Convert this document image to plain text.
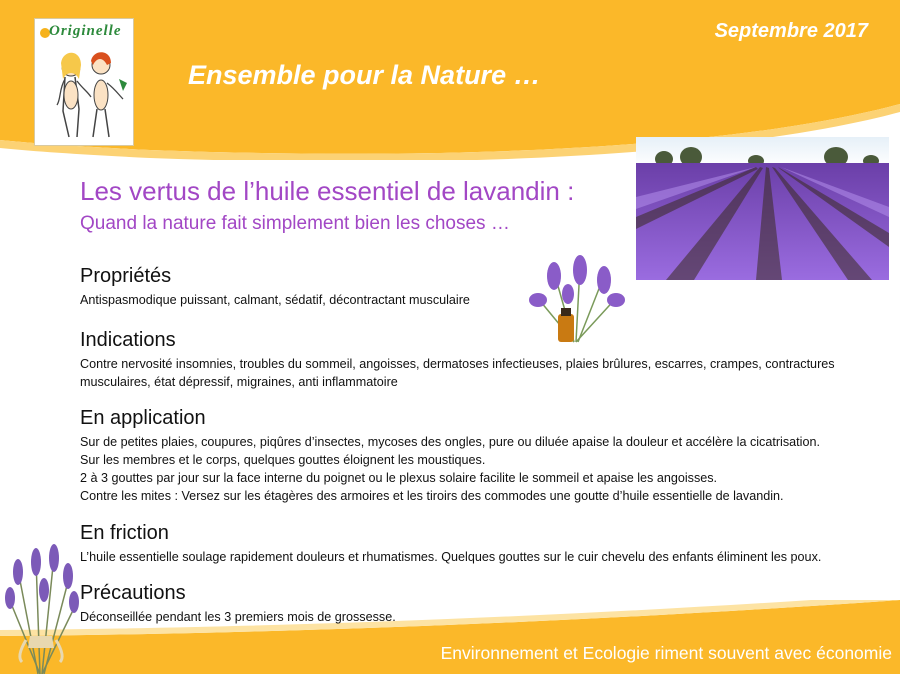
Originelle	Septembre 2017
Ensemble pour la Nature …
Les vertus de l’huile essentiel de lavandin :
Quand la nature fait simplement bien les choses …
Propriétés

Antispasmodique puissant, calmant, sédatif, décontractant musculaire

Indications

Contre nervosité insomnies, troubles du sommeil, angoisses, dermatoses infectieuses, plaies brûlures, escarres, crampes, contractures musculaires, état dépressif, migraines, anti inflammatoire

En application

Sur de petites plaies, coupures, piqûres d’insectes, mycoses des ongles, pure ou diluée apaise la douleur et accélère la cicatrisation.

Sur les membres et le corps, quelques gouttes éloignent les moustiques.

2 à 3 gouttes par jour sur la face interne du poignet ou le plexus solaire facilite le sommeil et apaise les angoisses.

Contre les mites : Versez sur les étagères des armoires et les tiroirs des commodes une goutte d’huile essentielle de lavandin.

En friction

L’huile essentielle soulage rapidement douleurs et rhumatismes. Quelques gouttes sur le cuir chevelu des enfants éliminent les poux.

Précautions

Déconseillée pendant les 3 premiers mois de grossesse.

Environnement et Ecologie riment souvent avec économie
